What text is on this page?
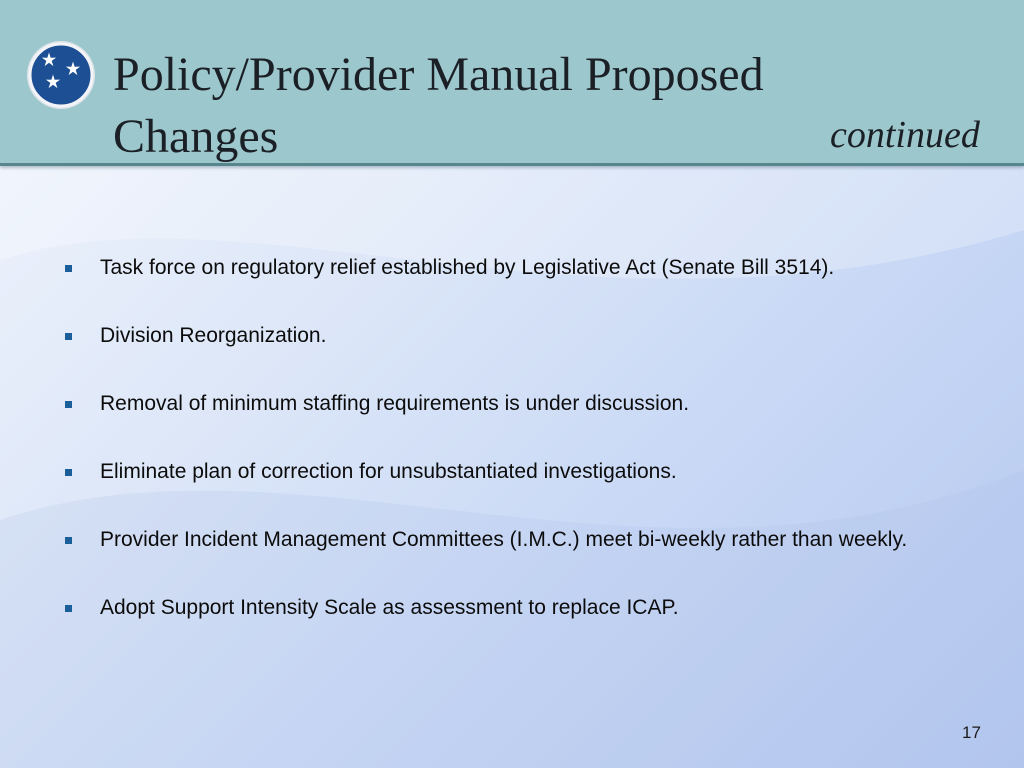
Policy/Provider Manual Proposed Changes	continued
Task force on regulatory relief established by Legislative Act (Senate Bill 3514).
Division Reorganization.
Removal of minimum staffing requirements is under discussion.
Eliminate plan of correction for unsubstantiated investigations.
Provider Incident Management Committees (I.M.C.) meet bi-weekly rather than weekly.
Adopt Support Intensity Scale as assessment to replace ICAP.
17
